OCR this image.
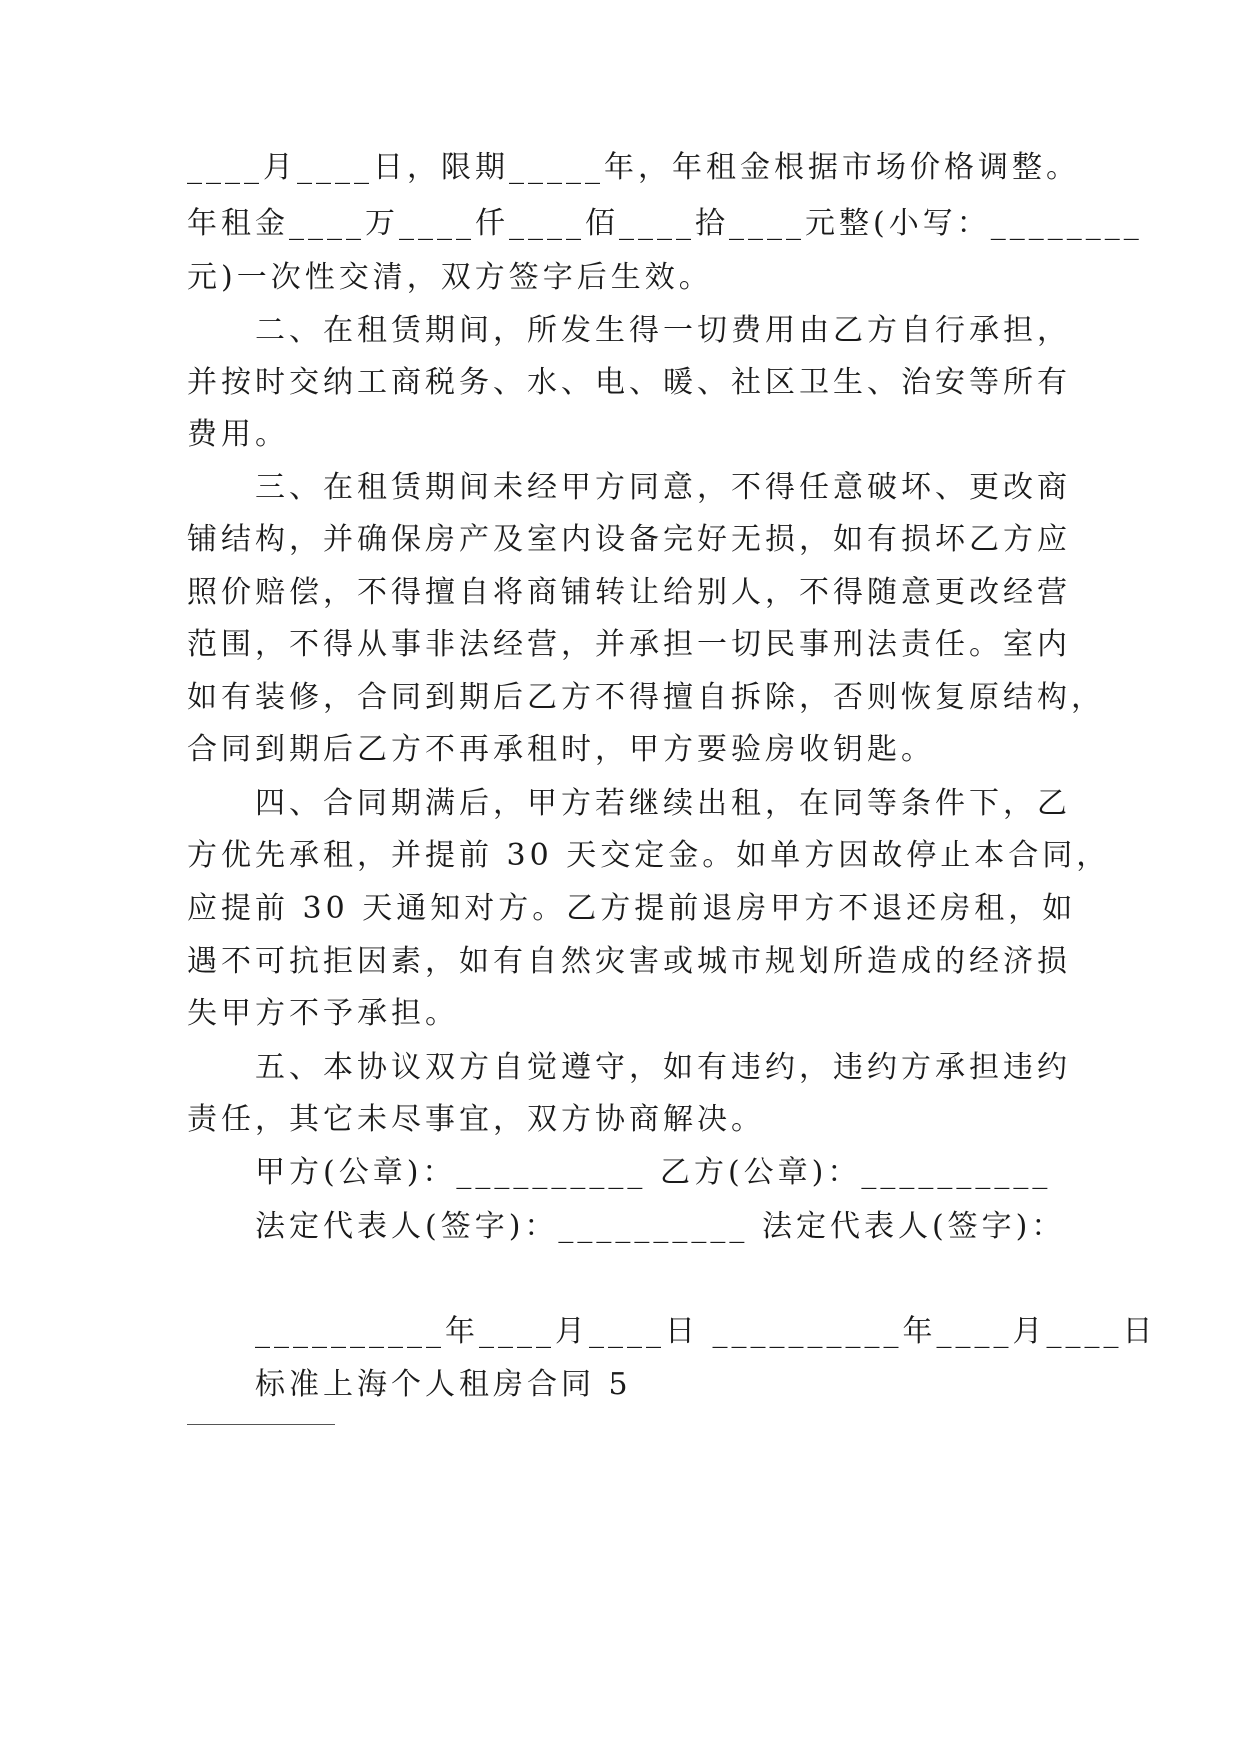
____月____日，限期_____年，年租金根据市场价格调整。
年租金____万____仟____佰____拾____元整(小写：________
元)一次性交清，双方签字后生效。
二、在租赁期间，所发生得一切费用由乙方自行承担，
并按时交纳工商税务、水、电、暖、社区卫生、治安等所有
费用。
三、在租赁期间未经甲方同意，不得任意破坏、更改商
铺结构，并确保房产及室内设备完好无损，如有损坏乙方应
照价赔偿，不得擅自将商铺转让给别人，不得随意更改经营
范围，不得从事非法经营，并承担一切民事刑法责任。室内
如有装修，合同到期后乙方不得擅自拆除，否则恢复原结构，
合同到期后乙方不再承租时，甲方要验房收钥匙。
四、合同期满后，甲方若继续出租，在同等条件下，乙
方优先承租，并提前 30 天交定金。如单方因故停止本合同，
应提前 30 天通知对方。乙方提前退房甲方不退还房租，如
遇不可抗拒因素，如有自然灾害或城市规划所造成的经济损
失甲方不予承担。
五、本协议双方自觉遵守，如有违约，违约方承担违约
责任，其它未尽事宜，双方协商解决。
甲方(公章)：__________ 乙方(公章)：__________
法定代表人(签字)：__________ 法定代表人(签字)：
__________年____月____日 __________年____月____日
标准上海个人租房合同 5
